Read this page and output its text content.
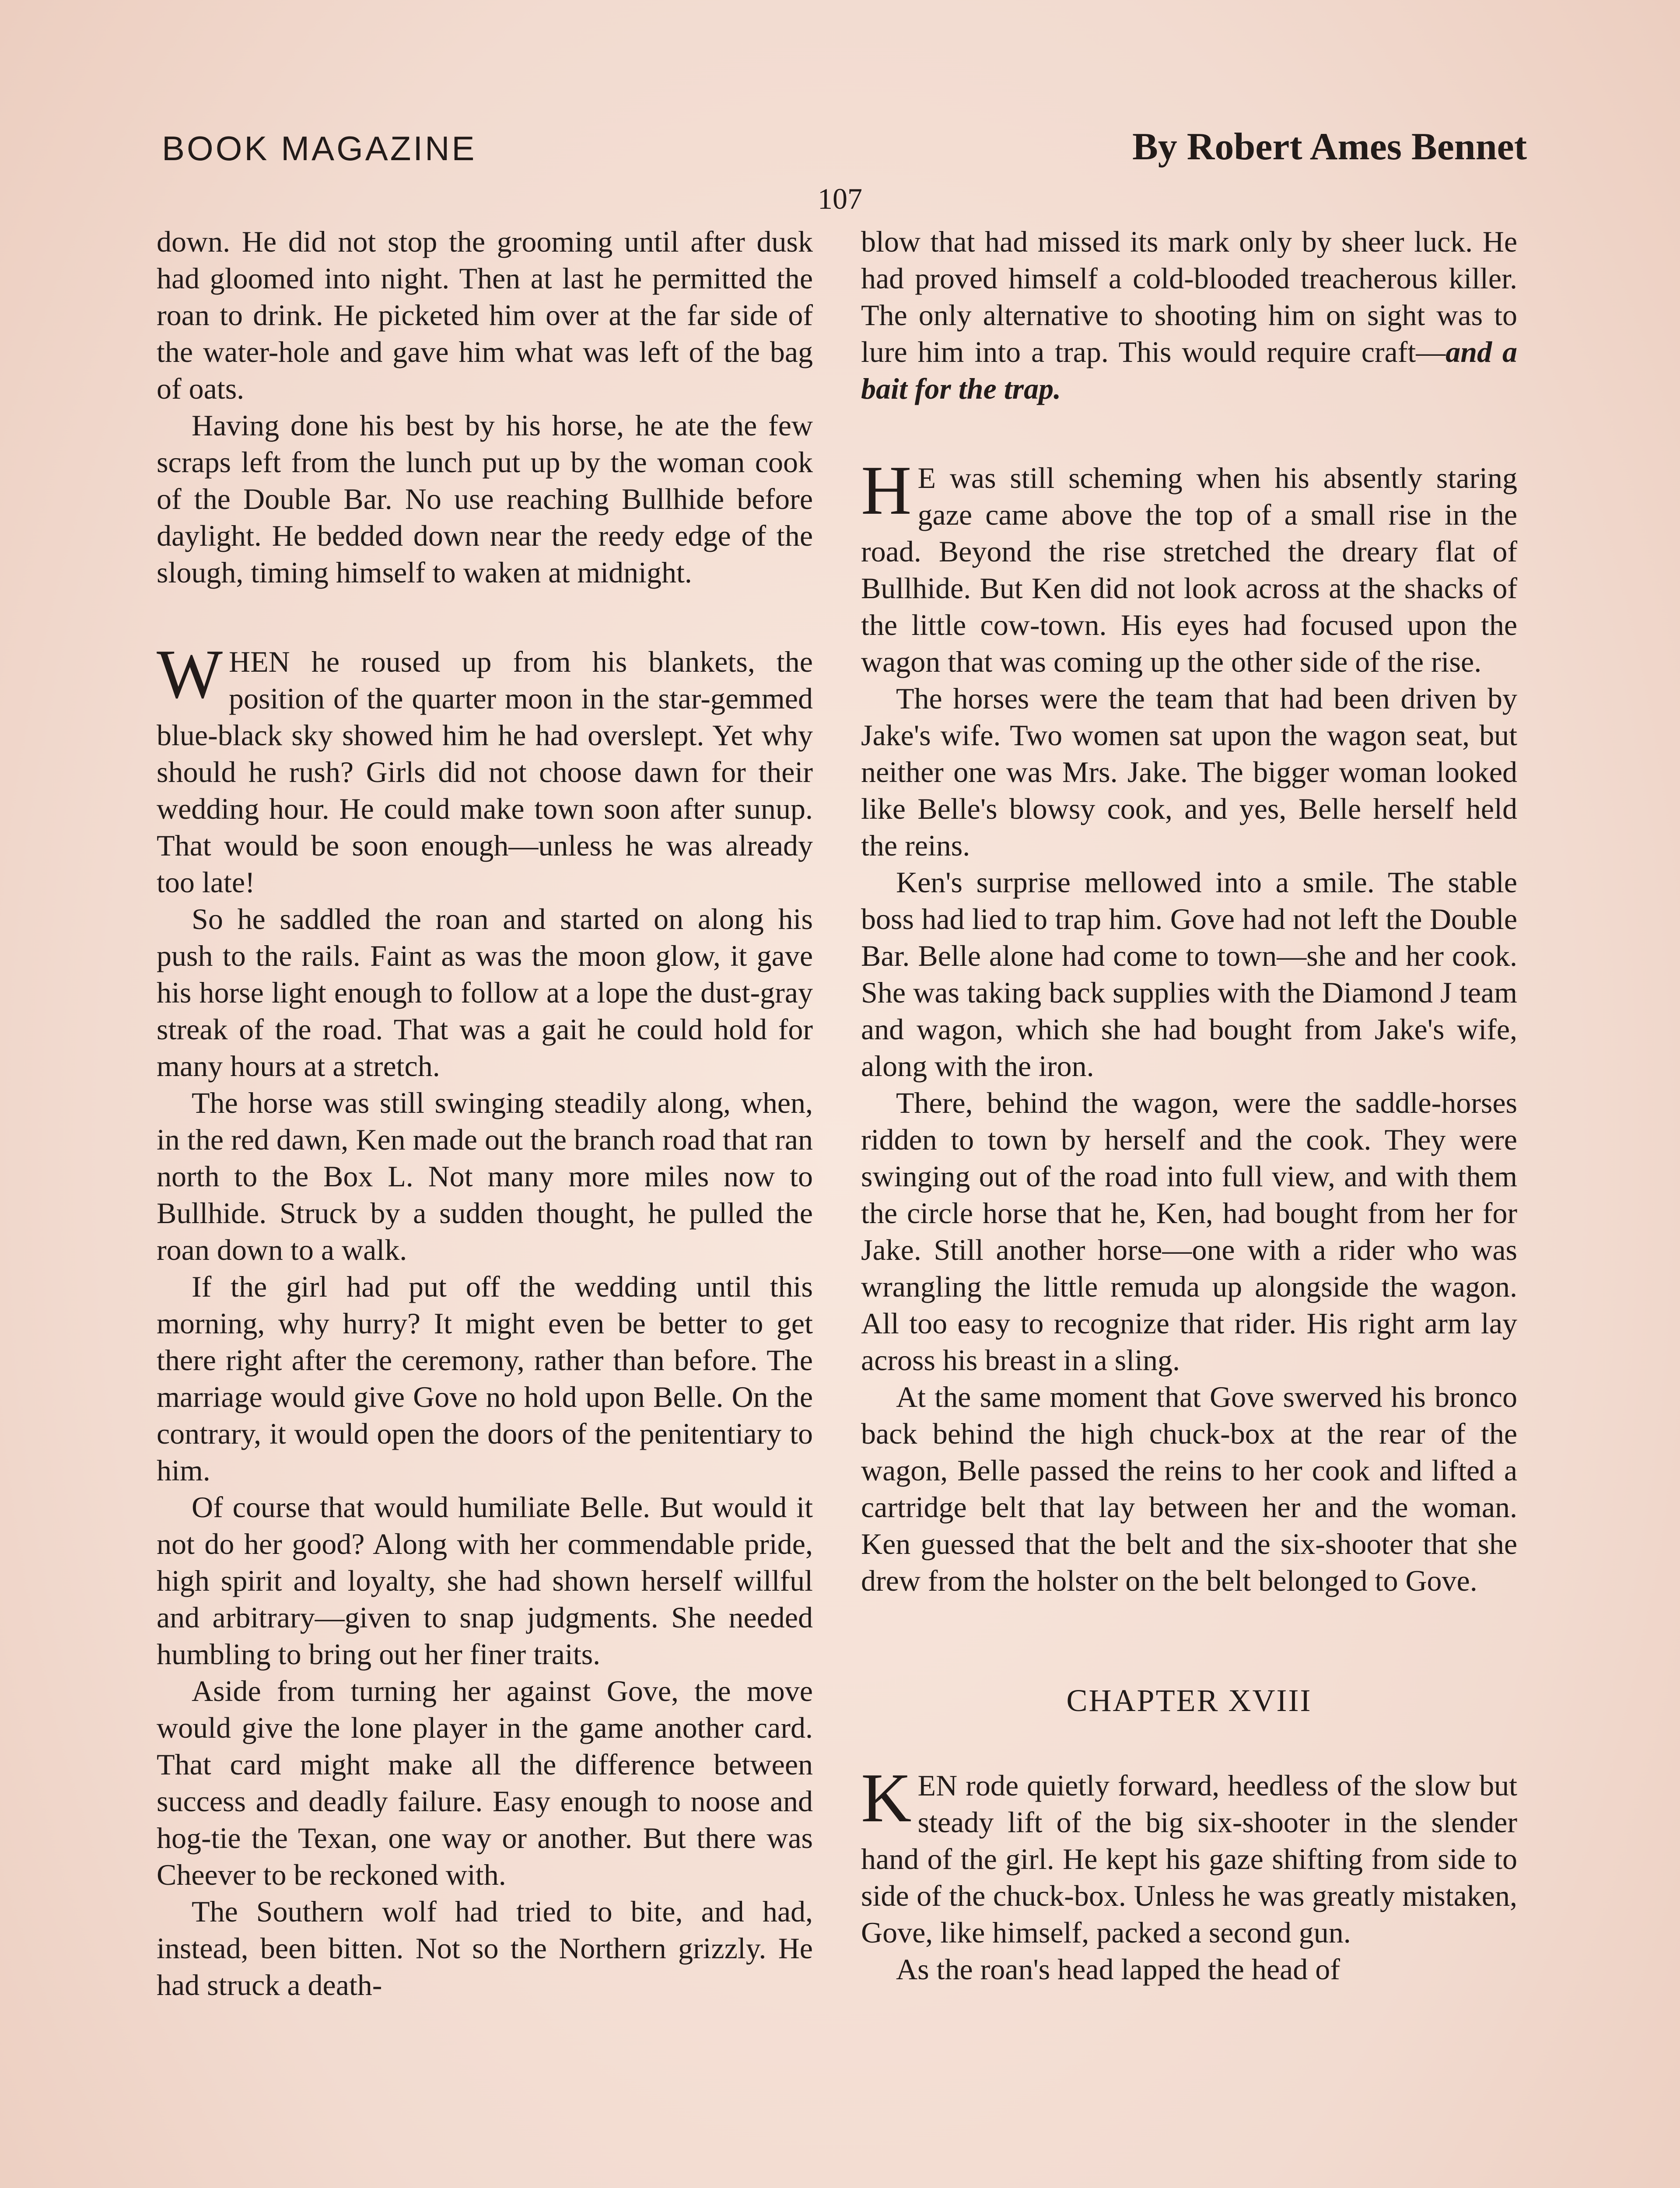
BOOK MAGAZINE	By Robert Ames Bennet
107

down. He did not stop the grooming until after dusk had gloomed into night. Then at last he permitted the roan to drink. He picketed him over at the far side of the water-hole and gave him what was left of the bag of oats.

Having done his best by his horse, he ate the few scraps left from the lunch put up by the woman cook of the Double Bar. No use reaching Bullhide before daylight. He bedded down near the reedy edge of the slough, timing himself to waken at midnight.

WHEN he roused up from his blankets, the position of the quarter moon in the star-gemmed blue-black sky showed him he had overslept. Yet why should he rush? Girls did not choose dawn for their wedding hour. He could make town soon after sunup. That would be soon enough—unless he was already too late!

So he saddled the roan and started on along his push to the rails. Faint as was the moon glow, it gave his horse light enough to follow at a lope the dust-gray streak of the road. That was a gait he could hold for many hours at a stretch.

The horse was still swinging steadily along, when, in the red dawn, Ken made out the branch road that ran north to the Box L. Not many more miles now to Bullhide. Struck by a sudden thought, he pulled the roan down to a walk.

If the girl had put off the wedding until this morning, why hurry? It might even be better to get there right after the ceremony, rather than before. The marriage would give Gove no hold upon Belle. On the contrary, it would open the doors of the penitentiary to him.

Of course that would humiliate Belle. But would it not do her good? Along with her commendable pride, high spirit and loyalty, she had shown herself willful and arbitrary—given to snap judgments. She needed humbling to bring out her finer traits.

Aside from turning her against Gove, the move would give the lone player in the game another card. That card might make all the difference between success and deadly failure. Easy enough to noose and hog-tie the Texan, one way or another. But there was Cheever to be reckoned with.

The Southern wolf had tried to bite, and had, instead, been bitten. Not so the Northern grizzly. He had struck a death-

blow that had missed its mark only by sheer luck. He had proved himself a cold-blooded treacherous killer. The only alternative to shooting him on sight was to lure him into a trap. This would require craft—and a bait for the trap.

H E was still scheming when his absently staring gaze came above the top of a small rise in the road. Beyond the rise stretched the dreary flat of Bullhide. But Ken did not look across at the shacks of the little cow-town. His eyes had focused upon the wagon that was coming up the other side of the rise.

The horses were the team that had been driven by Jake's wife. Two women sat upon the wagon seat, but neither one was Mrs. Jake. The bigger woman looked like Belle's blowsy cook, and yes, Belle herself held the reins.

Ken's surprise mellowed into a smile. The stable boss had lied to trap him. Gove had not left the Double Bar. Belle alone had come to town—she and her cook. She was taking back supplies with the Diamond J team and wagon, which she had bought from Jake's wife, along with the iron.

There, behind the wagon, were the saddle-horses ridden to town by herself and the cook. They were swinging out of the road into full view, and with them the circle horse that he, Ken, had bought from her for Jake. Still another horse—one with a rider who was wrangling the little remuda up alongside the wagon. All too easy to recognize that rider. His right arm lay across his breast in a sling.

At the same moment that Gove swerved his bronco back behind the high chuck-box at the rear of the wagon, Belle passed the reins to her cook and lifted a cartridge belt that lay between her and the woman. Ken guessed that the belt and the six-shooter that she drew from the holster on the belt belonged to Gove.

CHAPTER XVIII

KEN rode quietly forward, heedless of the slow but steady lift of the big six-shooter in the slender hand of the girl. He kept his gaze shifting from side to side of the chuck-box. Unless he was greatly mistaken, Gove, like himself, packed a second gun.

As the roan's head lapped the head of
